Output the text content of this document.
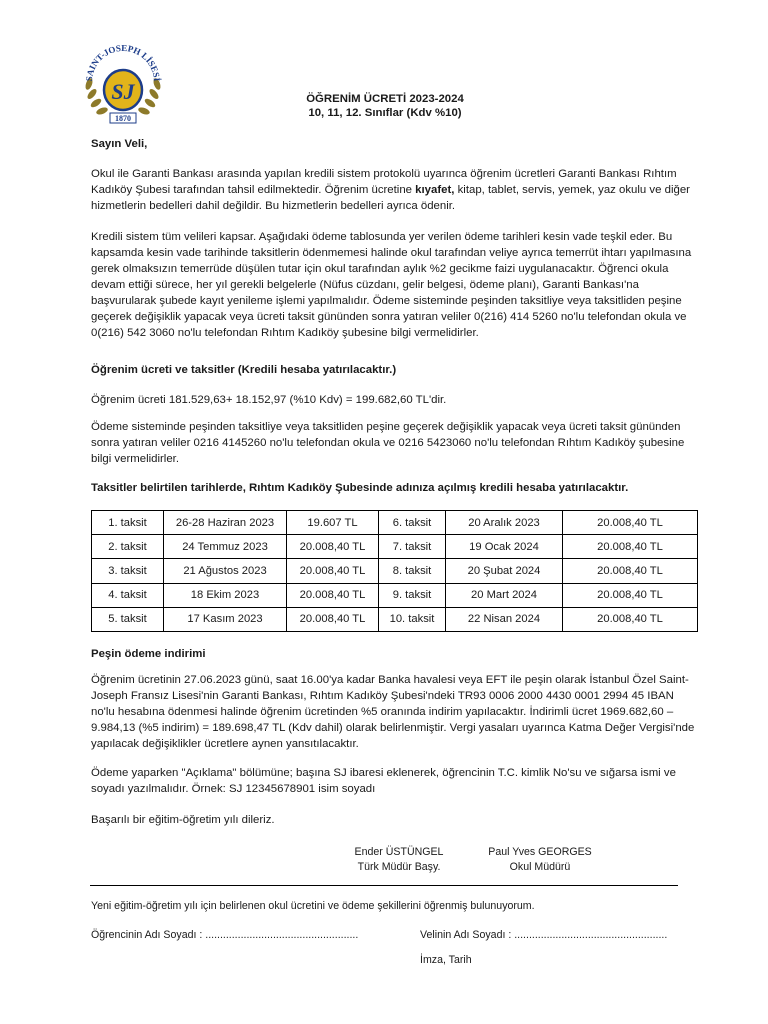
SAINT-JOSEPH LİSESİ
SJ
1870
ÖĞRENİM ÜCRETİ 2023-2024
10, 11, 12. Sınıflar (Kdv %10)

Sayın Veli,

Okul ile Garanti Bankası arasında yapılan kredili sistem protokolü uyarınca öğrenim ücretleri Garanti Bankası Rıhtım Kadıköy Şubesi tarafından tahsil edilmektedir. Öğrenim ücretine kıyafet, kitap, tablet, servis, yemek, yaz okulu ve diğer hizmetlerin bedelleri dahil değildir. Bu hizmetlerin bedelleri ayrıca ödenir.

Kredili sistem tüm velileri kapsar. Aşağıdaki ödeme tablosunda yer verilen ödeme tarihleri kesin vade teşkil eder. Bu kapsamda kesin vade tarihinde taksitlerin ödenmemesi halinde okul tarafından veliye ayrıca temerrüt ihtarı yapılmasına gerek olmaksızın temerrüde düşülen tutar için okul tarafından aylık %2 gecikme faizi uygulanacaktır. Öğrenci okula devam ettiği sürece, her yıl gerekli belgelerle (Nüfus cüzdanı, gelir belgesi, ödeme planı), Garanti Bankası'na başvurularak şubede kayıt yenileme işlemi yapılmalıdır. Ödeme sisteminde peşinden taksitliye veya taksitliden peşine geçerek değişiklik yapacak veya ücreti taksit gününden sonra yatıran veliler 0(216) 414 5260 no'lu telefondan okula ve 0(216) 542 3060 no'lu telefondan Rıhtım Kadıköy şubesine bilgi vermelidirler.

Öğrenim ücreti ve taksitler (Kredili hesaba yatırılacaktır.)

Öğrenim ücreti 181.529,63+ 18.152,97 (%10 Kdv) = 199.682,60 TL'dir.

Ödeme sisteminde peşinden taksitliye veya taksitliden peşine geçerek değişiklik yapacak veya ücreti taksit gününden sonra yatıran veliler 0216 4145260 no'lu telefondan okula ve 0216 5423060 no'lu telefondan Rıhtım Kadıköy şubesine bilgi vermelidirler.

Taksitler belirtilen tarihlerde, Rıhtım Kadıköy Şubesinde adınıza açılmış kredili hesaba yatırılacaktır.

1. taksit	26-28 Haziran 2023	19.607 TL	6. taksit	20 Aralık 2023	20.008,40 TL
2. taksit	24 Temmuz 2023	20.008,40 TL	7. taksit	19 Ocak 2024	20.008,40 TL
3. taksit	21 Ağustos 2023	20.008,40 TL	8. taksit	20 Şubat 2024	20.008,40 TL
4. taksit	18 Ekim 2023	20.008,40 TL	9. taksit	20 Mart 2024	20.008,40 TL
5. taksit	17 Kasım 2023	20.008,40 TL	10. taksit	22 Nisan 2024	20.008,40 TL

Peşin ödeme indirimi

Öğrenim ücretinin 27.06.2023 günü, saat 16.00'ya kadar Banka havalesi veya EFT ile peşin olarak İstanbul Özel Saint-Joseph Fransız Lisesi'nin Garanti Bankası, Rıhtım Kadıköy Şubesi'ndeki TR93 0006 2000 4430 0001 2994 45 IBAN no'lu hesabına ödenmesi halinde öğrenim ücretinden %5 oranında indirim yapılacaktır. İndirimli ücret 1969.682,60 – 9.984,13 (%5 indirim) = 189.698,47 TL (Kdv dahil) olarak belirlenmiştir. Vergi yasaları uyarınca Katma Değer Vergisi'nde yapılacak değişiklikler ücretlere aynen yansıtılacaktır.

Ödeme yaparken "Açıklama" bölümüne; başına SJ ibaresi eklenerek, öğrencinin T.C. kimlik No'su ve sığarsa ismi ve soyadı yazılmalıdır. Örnek: SJ 12345678901 isim soyadı

Başarılı bir eğitim-öğretim yılı dileriz.

Ender ÜSTÜNGEL
Türk Müdür Başy.
Paul Yves GEORGES
Okul Müdürü
Yeni eğitim-öğretim yılı için belirlenen okul ücretini ve ödeme şekillerini öğrenmiş bulunuyorum.
Öğrencinin Adı Soyadı : ....................................................	Velinin Adı Soyadı : ....................................................
İmza, Tarih
